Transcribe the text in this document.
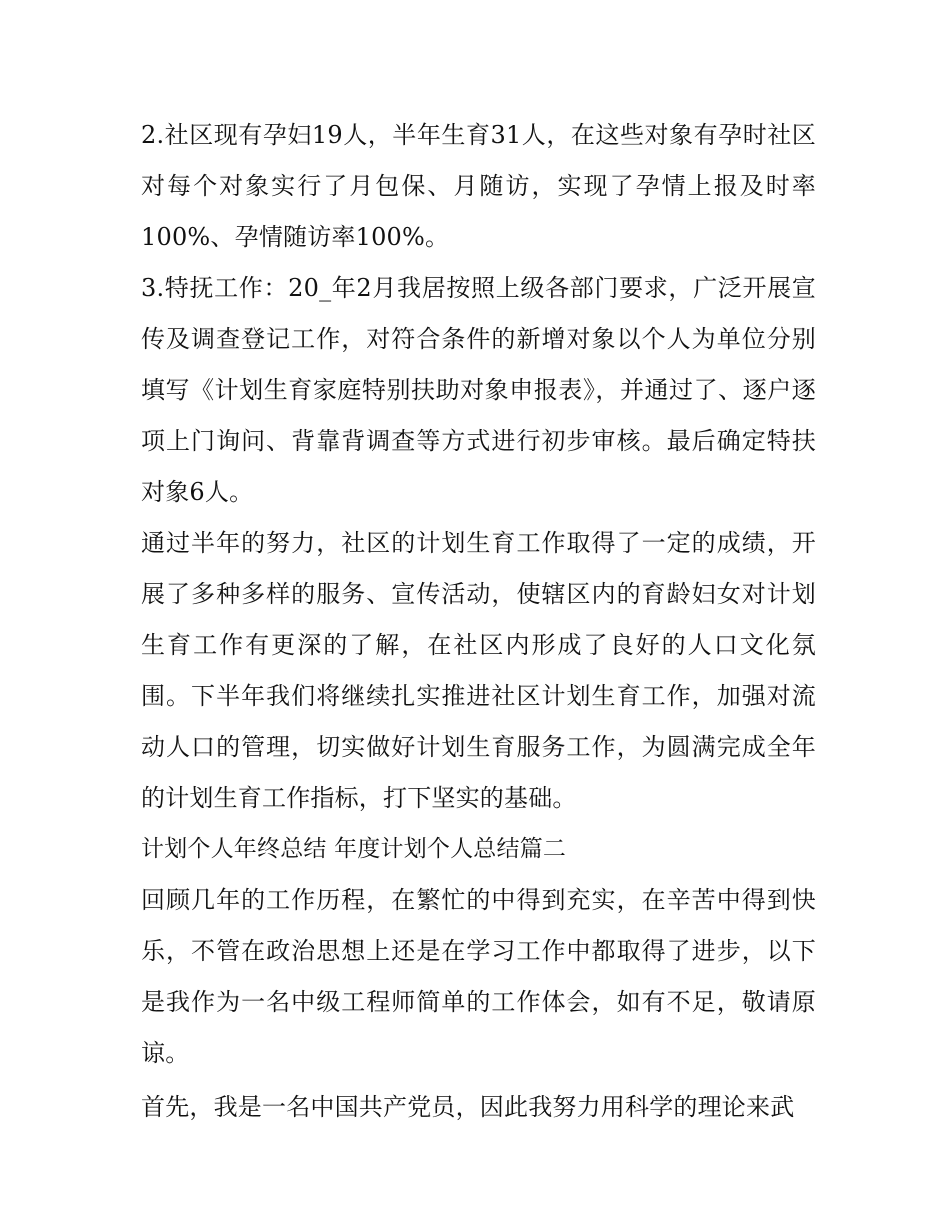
2.社区现有孕妇19人，半年生育31人，在这些对象有孕时社区对每个对象实行了月包保、月随访，实现了孕情上报及时率100%、孕情随访率100%。

3.特抚工作：20_年2月我居按照上级各部门要求，广泛开展宣传及调查登记工作，对符合条件的新增对象以个人为单位分别填写《计划生育家庭特别扶助对象申报表》，并通过了、逐户逐项上门询问、背靠背调查等方式进行初步审核。最后确定特扶对象6人。

通过半年的努力，社区的计划生育工作取得了一定的成绩，开展了多种多样的服务、宣传活动，使辖区内的育龄妇女对计划生育工作有更深的了解，在社区内形成了良好的人口文化氛围。下半年我们将继续扎实推进社区计划生育工作，加强对流动人口的管理，切实做好计划生育服务工作，为圆满完成全年的计划生育工作指标，打下坚实的基础。

计划个人年终总结 年度计划个人总结篇二

回顾几年的工作历程，在繁忙的中得到充实，在辛苦中得到快乐，不管在政治思想上还是在学习工作中都取得了进步，以下是我作为一名中级工程师简单的工作体会，如有不足，敬请原谅。

首先，我是一名中国共产党员，因此我努力用科学的理论来武
